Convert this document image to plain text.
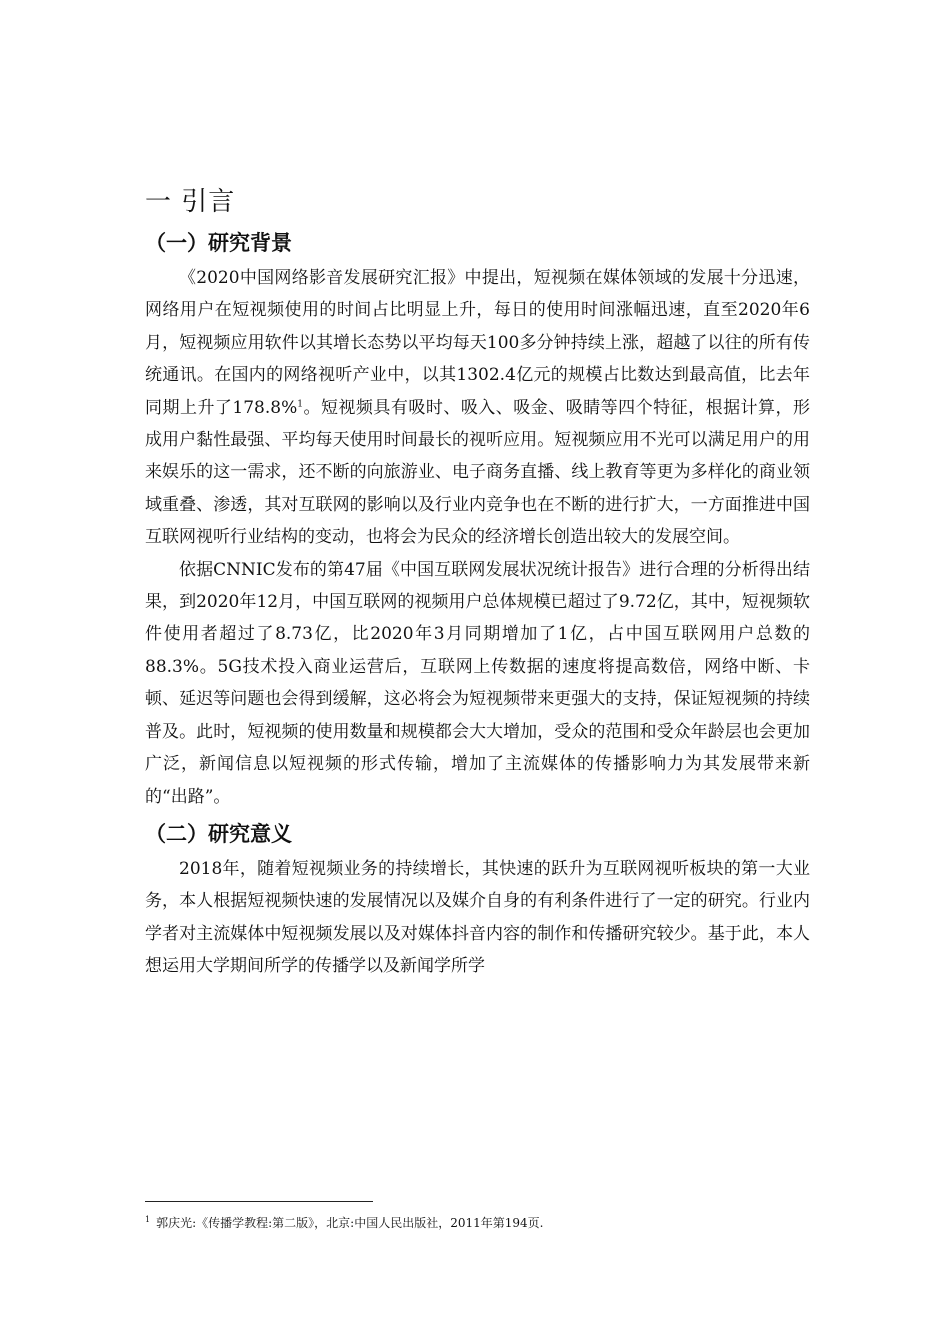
一 引言
（一）研究背景

《2020中国网络影音发展研究汇报》中提出，短视频在媒体领域的发展十分迅速，网络用户在短视频使用的时间占比明显上升，每日的使用时间涨幅迅速，直至2020年6月，短视频应用软件以其增长态势以平均每天100多分钟持续上涨，超越了以往的所有传统通讯。在国内的网络视听产业中，以其1302.4亿元的规模占比数达到最高值，比去年同期上升了178.8%$^1$。短视频具有吸时、吸入、吸金、吸睛等四个特征，根据计算，形成用户黏性最强、平均每天使用时间最长的视听应用。短视频应用不光可以满足用户的用来娱乐的这一需求，还不断的向旅游业、电子商务直播、线上教育等更为多样化的商业领域重叠、渗透，其对互联网的影响以及行业内竞争也在不断的进行扩大，一方面推进中国互联网视听行业结构的变动，也将会为民众的经济增长创造出较大的发展空间。

依据CNNIC发布的第47届《中国互联网发展状况统计报告》进行合理的分析得出结果，到2020年12月，中国互联网的视频用户总体规模已超过了9.72亿，其中，短视频软件使用者超过了8.73亿，比2020年3月同期增加了1亿，占中国互联网用户总数的88.3%。5G技术投入商业运营后，互联网上传数据的速度将提高数倍，网络中断、卡顿、延迟等问题也会得到缓解，这必将会为短视频带来更强大的支持，保证短视频的持续普及。此时，短视频的使用数量和规模都会大大增加，受众的范围和受众年龄层也会更加广泛，新闻信息以短视频的形式传输，增加了主流媒体的传播影响力为其发展带来新的“出路”。

（二）研究意义

2018年，随着短视频业务的持续增长，其快速的跃升为互联网视听板块的第一大业务，本人根据短视频快速的发展情况以及媒介自身的有利条件进行了一定的研究。行业内学者对主流媒体中短视频发展以及对媒体抖音内容的制作和传播研究较少。基于此，本人想运用大学期间所学的传播学以及新闻学所学

$^1$ 郭庆光:《传播学教程:第二版》，北京:中国人民出版社，2011年第194页.
